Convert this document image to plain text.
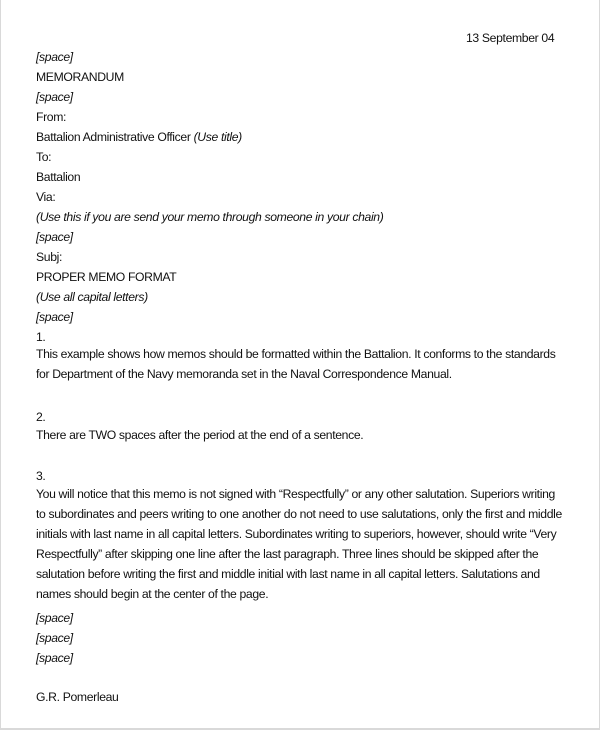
13 September 04
[space]
MEMORANDUM
[space]
From:
Battalion Administrative Officer (Use title)
To:
Battalion
Via:
(Use this if you are send your memo through someone in your chain)
[space]
Subj:
PROPER MEMO FORMAT
(Use all capital letters)
[space]
1.
This example shows how memos should be formatted within the Battalion. It conforms to the standards for Department of the Navy memoranda set in the Naval Correspondence Manual.
2.
There are TWO spaces after the period at the end of a sentence.
3.
You will notice that this memo is not signed with “Respectfully” or any other salutation. Superiors writing to subordinates and peers writing to one another do not need to use salutations, only the first and middle initials with last name in all capital letters. Subordinates writing to superiors, however, should write “Very Respectfully” after skipping one line after the last paragraph. Three lines should be skipped after the salutation before writing the first and middle initial with last name in all capital letters. Salutations and names should begin at the center of the page.
[space]
[space]
[space]
G.R. Pomerleau
